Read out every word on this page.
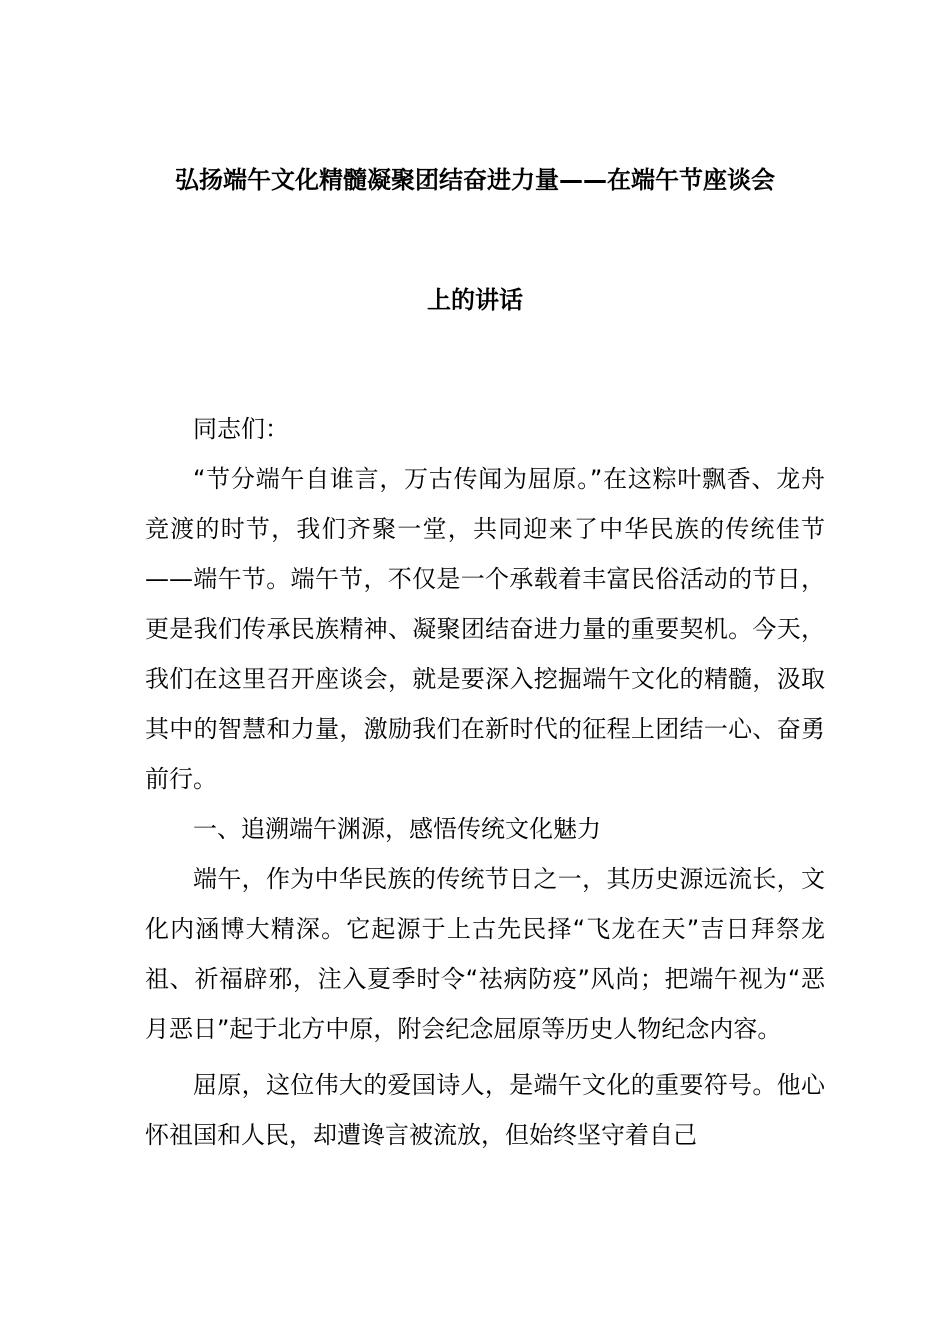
弘扬端午文化精髓凝聚团结奋进力量——在端午节座谈会
上的讲话

同志们：

“节分端午自谁言，万古传闻为屈原。”在这粽叶飘香、龙舟竞渡的时节，我们齐聚一堂，共同迎来了中华民族的传统佳节——端午节。端午节，不仅是一个承载着丰富民俗活动的节日，更是我们传承民族精神、凝聚团结奋进力量的重要契机。今天，我们在这里召开座谈会，就是要深入挖掘端午文化的精髓，汲取其中的智慧和力量，激励我们在新时代的征程上团结一心、奋勇前行。

一、追溯端午渊源，感悟传统文化魅力

端午，作为中华民族的传统节日之一，其历史源远流长，文化内涵博大精深。它起源于上古先民择“飞龙在天”吉日拜祭龙祖、祈福辟邪，注入夏季时令“祛病防疫”风尚；把端午视为“恶月恶日”起于北方中原，附会纪念屈原等历史人物纪念内容。

屈原，这位伟大的爱国诗人，是端午文化的重要符号。他心怀祖国和人民，却遭谗言被流放，但始终坚守着自己
